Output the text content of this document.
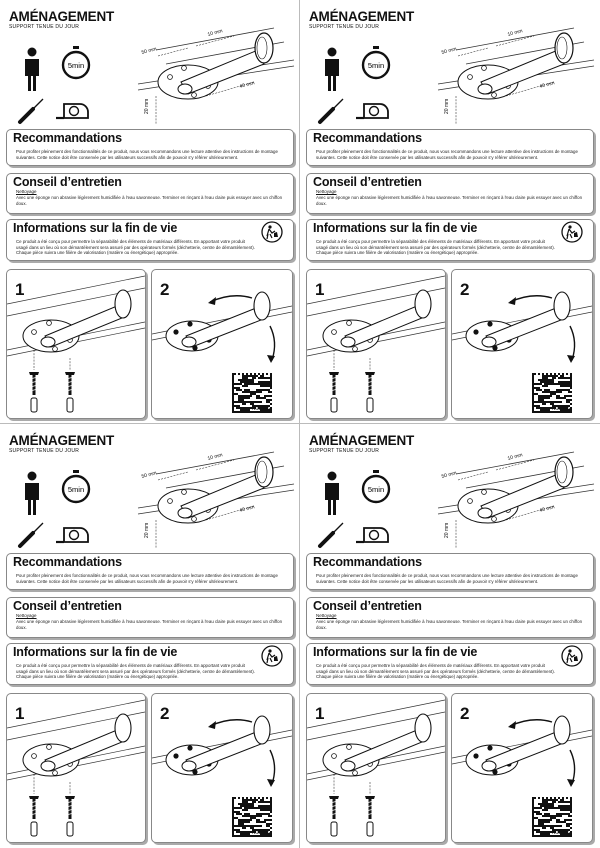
AMÉNAGEMENT
SUPPORT TENUE DU JOUR
5min
50 mm
10 mm
20 mm
40 mm
Recommandations
Pour profiter pleinement des fonctionnalités de ce produit, nous vous recommandons une lecture attentive des instructions de montage suivantes. Cette notice doit être conservée par les utilisateurs successifs afin de pouvoir s'y référer ultérieurement.
Conseil d’entretien
Nettoyage
Avec une éponge non abrasive légèrement humidifiée à l'eau savonneuse. Terminer en rinçant à l'eau claire puis essuyer avec un chiffon doux.
Informations sur la fin de vie
Ce produit a été conçu pour permettre la séparabilité des éléments de matériaux différents. En apportant votre produit usagé dans un lieu où son démantèlement sera assuré par des opérateurs formés (déchetterie, centre de démantèlement). Chaque pièce suivra une filière de valorisation (matière ou énergétique) appropriée.
1	2
N1849S
AMÉNAGEMENT
SUPPORT TENUE DU JOUR
5min
50 mm
10 mm
20 mm
40 mm
Recommandations
Pour profiter pleinement des fonctionnalités de ce produit, nous vous recommandons une lecture attentive des instructions de montage suivantes. Cette notice doit être conservée par les utilisateurs successifs afin de pouvoir s'y référer ultérieurement.
Conseil d’entretien
Nettoyage
Avec une éponge non abrasive légèrement humidifiée à l'eau savonneuse. Terminer en rinçant à l'eau claire puis essuyer avec un chiffon doux.
Informations sur la fin de vie
Ce produit a été conçu pour permettre la séparabilité des éléments de matériaux différents. En apportant votre produit usagé dans un lieu où son démantèlement sera assuré par des opérateurs formés (déchetterie, centre de démantèlement). Chaque pièce suivra une filière de valorisation (matière ou énergétique) appropriée.
1	2
N1849S
AMÉNAGEMENT
SUPPORT TENUE DU JOUR
5min
50 mm
10 mm
20 mm
40 mm
Recommandations
Pour profiter pleinement des fonctionnalités de ce produit, nous vous recommandons une lecture attentive des instructions de montage suivantes. Cette notice doit être conservée par les utilisateurs successifs afin de pouvoir s'y référer ultérieurement.
Conseil d’entretien
Nettoyage
Avec une éponge non abrasive légèrement humidifiée à l'eau savonneuse. Terminer en rinçant à l'eau claire puis essuyer avec un chiffon doux.
Informations sur la fin de vie
Ce produit a été conçu pour permettre la séparabilité des éléments de matériaux différents. En apportant votre produit usagé dans un lieu où son démantèlement sera assuré par des opérateurs formés (déchetterie, centre de démantèlement). Chaque pièce suivra une filière de valorisation (matière ou énergétique) appropriée.
1	2
N1849S
AMÉNAGEMENT
SUPPORT TENUE DU JOUR
5min
50 mm
10 mm
20 mm
40 mm
Recommandations
Pour profiter pleinement des fonctionnalités de ce produit, nous vous recommandons une lecture attentive des instructions de montage suivantes. Cette notice doit être conservée par les utilisateurs successifs afin de pouvoir s'y référer ultérieurement.
Conseil d’entretien
Nettoyage
Avec une éponge non abrasive légèrement humidifiée à l'eau savonneuse. Terminer en rinçant à l'eau claire puis essuyer avec un chiffon doux.
Informations sur la fin de vie
Ce produit a été conçu pour permettre la séparabilité des éléments de matériaux différents. En apportant votre produit usagé dans un lieu où son démantèlement sera assuré par des opérateurs formés (déchetterie, centre de démantèlement). Chaque pièce suivra une filière de valorisation (matière ou énergétique) appropriée.
1	2
N1849S
